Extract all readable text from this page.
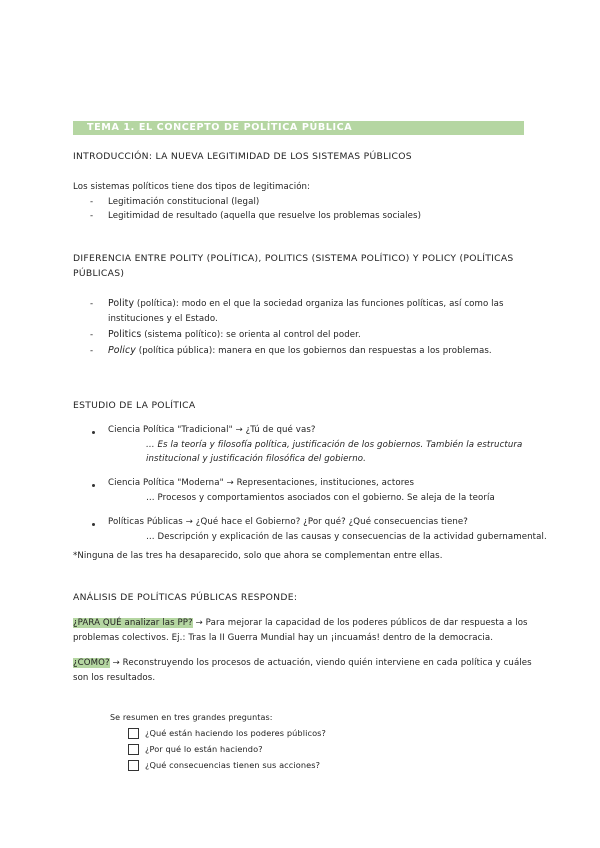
TEMA 1. EL CONCEPTO DE POLÍTICA PÚBLICA
INTRODUCCIÓN: LA NUEVA LEGITIMIDAD DE LOS SISTEMAS PÚBLICOS
Los sistemas políticos tiene dos tipos de legitimación:
- Legitimación constitucional (legal)
- Legitimidad de resultado (aquella que resuelve los problemas sociales)
DIFERENCIA ENTRE POLITY (POLÍTICA), POLITICS (SISTEMA POLÍTICO) Y POLICY (POLÍTICAS
PÚBLICAS)
- Polity (política): modo en el que la sociedad organiza las funciones políticas, así como las
instituciones y el Estado.
- Politics (sistema político): se orienta al control del poder.
- Policy (política pública): manera en que los gobiernos dan respuestas a los problemas.
ESTUDIO DE LA POLÍTICA
Ciencia Política "Tradicional" → ¿Tú de qué vas?
… Es la teoría y filosofía política, justificación de los gobiernos. También la estructura
institucional y justificación filosófica del gobierno.
Ciencia Política "Moderna" → Representaciones, instituciones, actores
… Procesos y comportamientos asociados con el gobierno. Se aleja de la teoría
Políticas Públicas → ¿Qué hace el Gobierno? ¿Por qué? ¿Qué consecuencias tiene?
… Descripción y explicación de las causas y consecuencias de la actividad gubernamental.
*Ninguna de las tres ha desaparecido, solo que ahora se complementan entre ellas.
ANÁLISIS DE POLÍTICAS PÚBLICAS RESPONDE:
¿PARA QUÉ analizar las PP? → Para mejorar la capacidad de los poderes públicos de dar respuesta a los
problemas colectivos. Ej.: Tras la II Guerra Mundial hay un ¡incuamás! dentro de la democracia.
¿COMO? → Reconstruyendo los procesos de actuación, viendo quién interviene en cada política y cuáles
son los resultados.
Se resumen en tres grandes preguntas:
¿Qué están haciendo los poderes públicos?
¿Por qué lo están haciendo?
¿Qué consecuencias tienen sus acciones?
